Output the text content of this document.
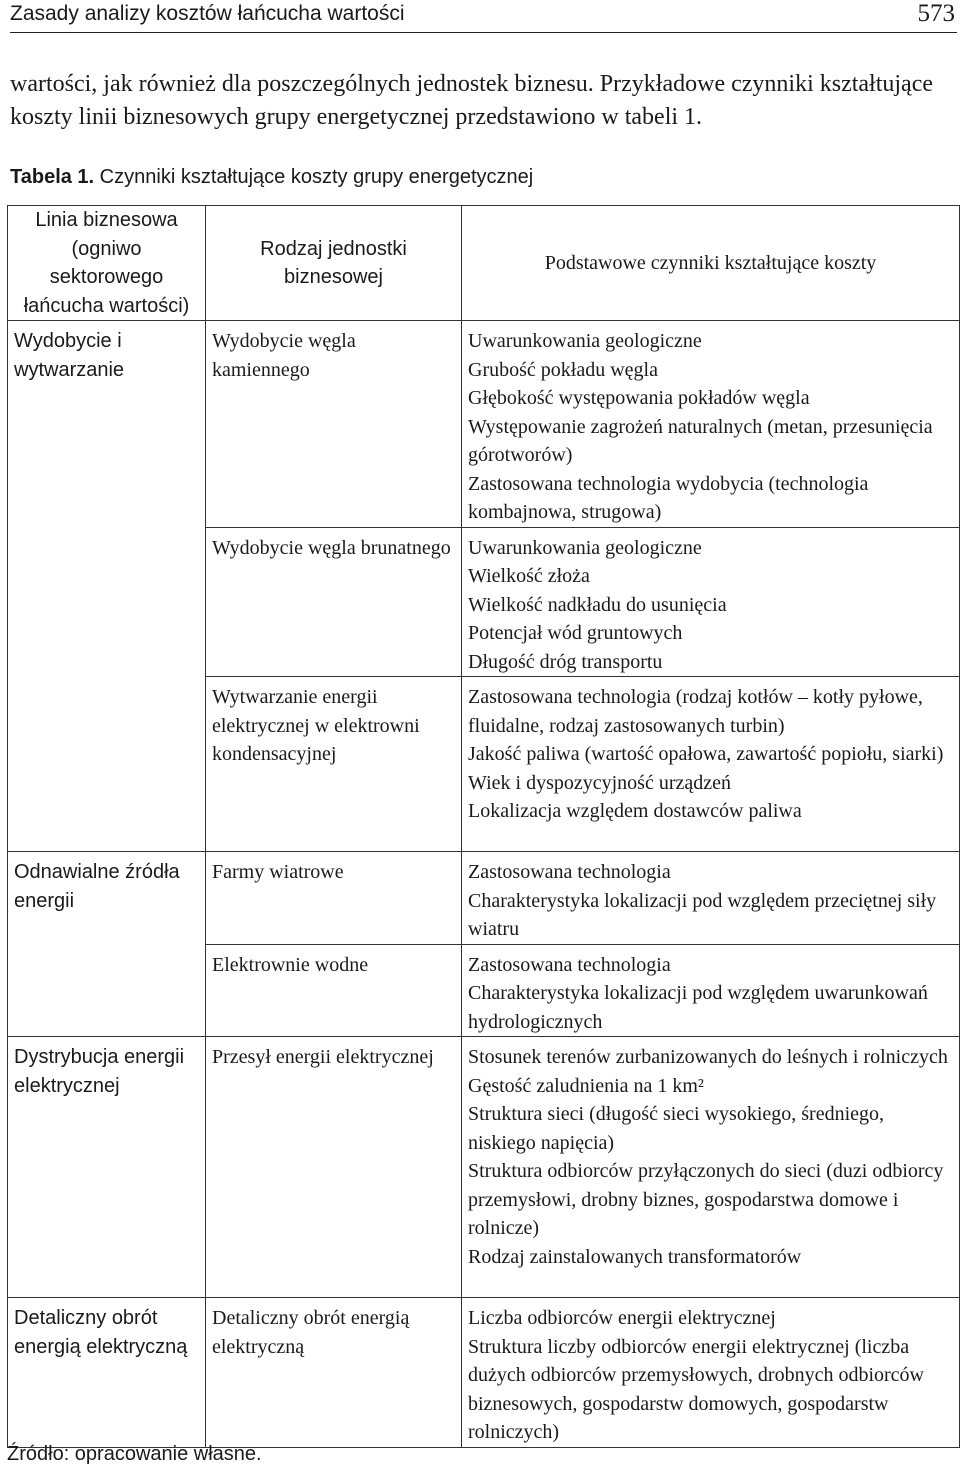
Zasady analizy kosztów łańcucha wartości	573
wartości, jak również dla poszczególnych jednostek biznesu. Przykładowe czynniki kształtujące koszty linii biznesowych grupy energetycznej przedstawiono w tabeli 1.
Tabela 1. Czynniki kształtujące koszty grupy energetycznej
Linia biznesowa (ogniwo sektorowego łańcucha wartości)	Rodzaj jednostki biznesowej	Podstawowe czynniki kształtujące koszty
Wydobycie i wytwarzanie	Wydobycie węgla kamiennego	Uwarunkowania geologiczne
Grubość pokładu węgla
Głębokość występowania pokładów węgla
Występowanie zagrożeń naturalnych (metan, przesunięcia górotworów)
Zastosowana technologia wydobycia (technologia kombajnowa, strugowa)

	Wydobycie węgla brunatnego	Uwarunkowania geologiczne
Wielkość złoża
Wielkość nadkładu do usunięcia
Potencjał wód gruntowych
Długość dróg transportu

	Wytwarzanie energii elektrycznej w elektrowni kondensacyjnej	Zastosowana technologia (rodzaj kotłów – kotły pyłowe, fluidalne, rodzaj zastosowanych turbin)
Jakość paliwa (wartość opałowa, zawartość popiołu, siarki)
Wiek i dyspozycyjność urządzeń
Lokalizacja względem dostawców paliwa

Odnawialne źródła energii	Farmy wiatrowe	Zastosowana technologia
Charakterystyka lokalizacji pod względem przeciętnej siły wiatru

	Elektrownie wodne	Zastosowana technologia
Charakterystyka lokalizacji pod względem uwarunkowań hydrologicznych

Dystrybucja energii elektrycznej	Przesył energii elektrycznej	Stosunek terenów zurbanizowanych do leśnych i rolniczych
Gęstość zaludnienia na 1 km²
Struktura sieci (długość sieci wysokiego, średniego, niskiego napięcia)
Struktura odbiorców przyłączonych do sieci (duzi odbiorcy przemysłowi, drobny biznes, gospodarstwa domowe i rolnicze)
Rodzaj zainstalowanych transformatorów

Detaliczny obrót energią elektryczną	Detaliczny obrót energią elektryczną	Liczba odbiorców energii elektrycznej
Struktura liczby odbiorców energii elektrycznej (liczba dużych odbiorców przemysłowych, drobnych odbiorców biznesowych, gospodarstw domowych, gospodarstw rolniczych)
Źródło: opracowanie własne.
